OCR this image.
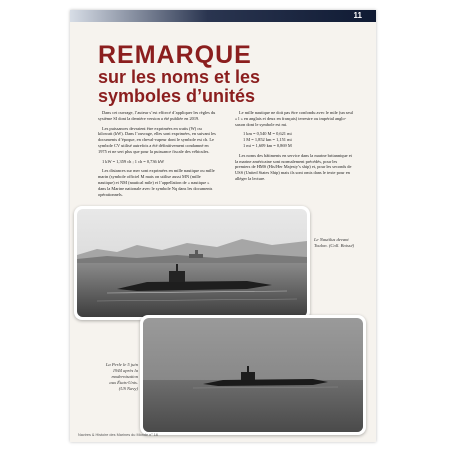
11
REMARQUE
sur les noms et les
symboles d’unités

Dans cet ouvrage, l’auteur s’est efforcé d’appliquer les règles du système SI dont la dernière version a été publiée en 2019.

Les puissances devraient être exprimées en watts (W) ou kilowatt (kW). Dans l’ouvrage, elles sont exprimées, en suivant les documents d’époque, en cheval-vapeur dont le symbole est ch. Le symbole CV utilisé autrefois a été définitivement condamné en 1975 et ne sert plus que pour la puissance fiscale des véhicules.

1 kW = 1,359 ch ; 1 ch = 0,736 kW

Les distances sur mer sont exprimées en mille nautique ou mille marin (symbole officiel M mais on utilise aussi MN (mille nautique) et NM (nautical mile) et l’appellation de « nautique » dans la Marine nationale avec le symbole Nq dans les documents opérationnels.

Le mille nautique ne doit pas être confondu avec le mile (un seul « l » en anglais et deux en français) terrestre ou impérial anglo-saxon dont le symbole est mi.

1 km = 0,540 M = 0,621 mi
1 M = 1,852 km = 1,151 mi
1 mi = 1,609 km = 0,869 M

Les noms des bâtiments en service dans la marine britannique et la marine américaine sont normalement précédés, pour les premiers de HMS (His/Her Majesty’s ship) et, pour les seconds de USS (United States Ship) mais ils sont omis dans le texte pour en alléger la lecture.

Le Nautilus devant
Toulon. (Coll. Boissé)
La Perle le 5 juin
1944 après la
modernisation
aux États-Unis.
(US Navy)
Navires & Histoire des Marines du Monde n° 16
